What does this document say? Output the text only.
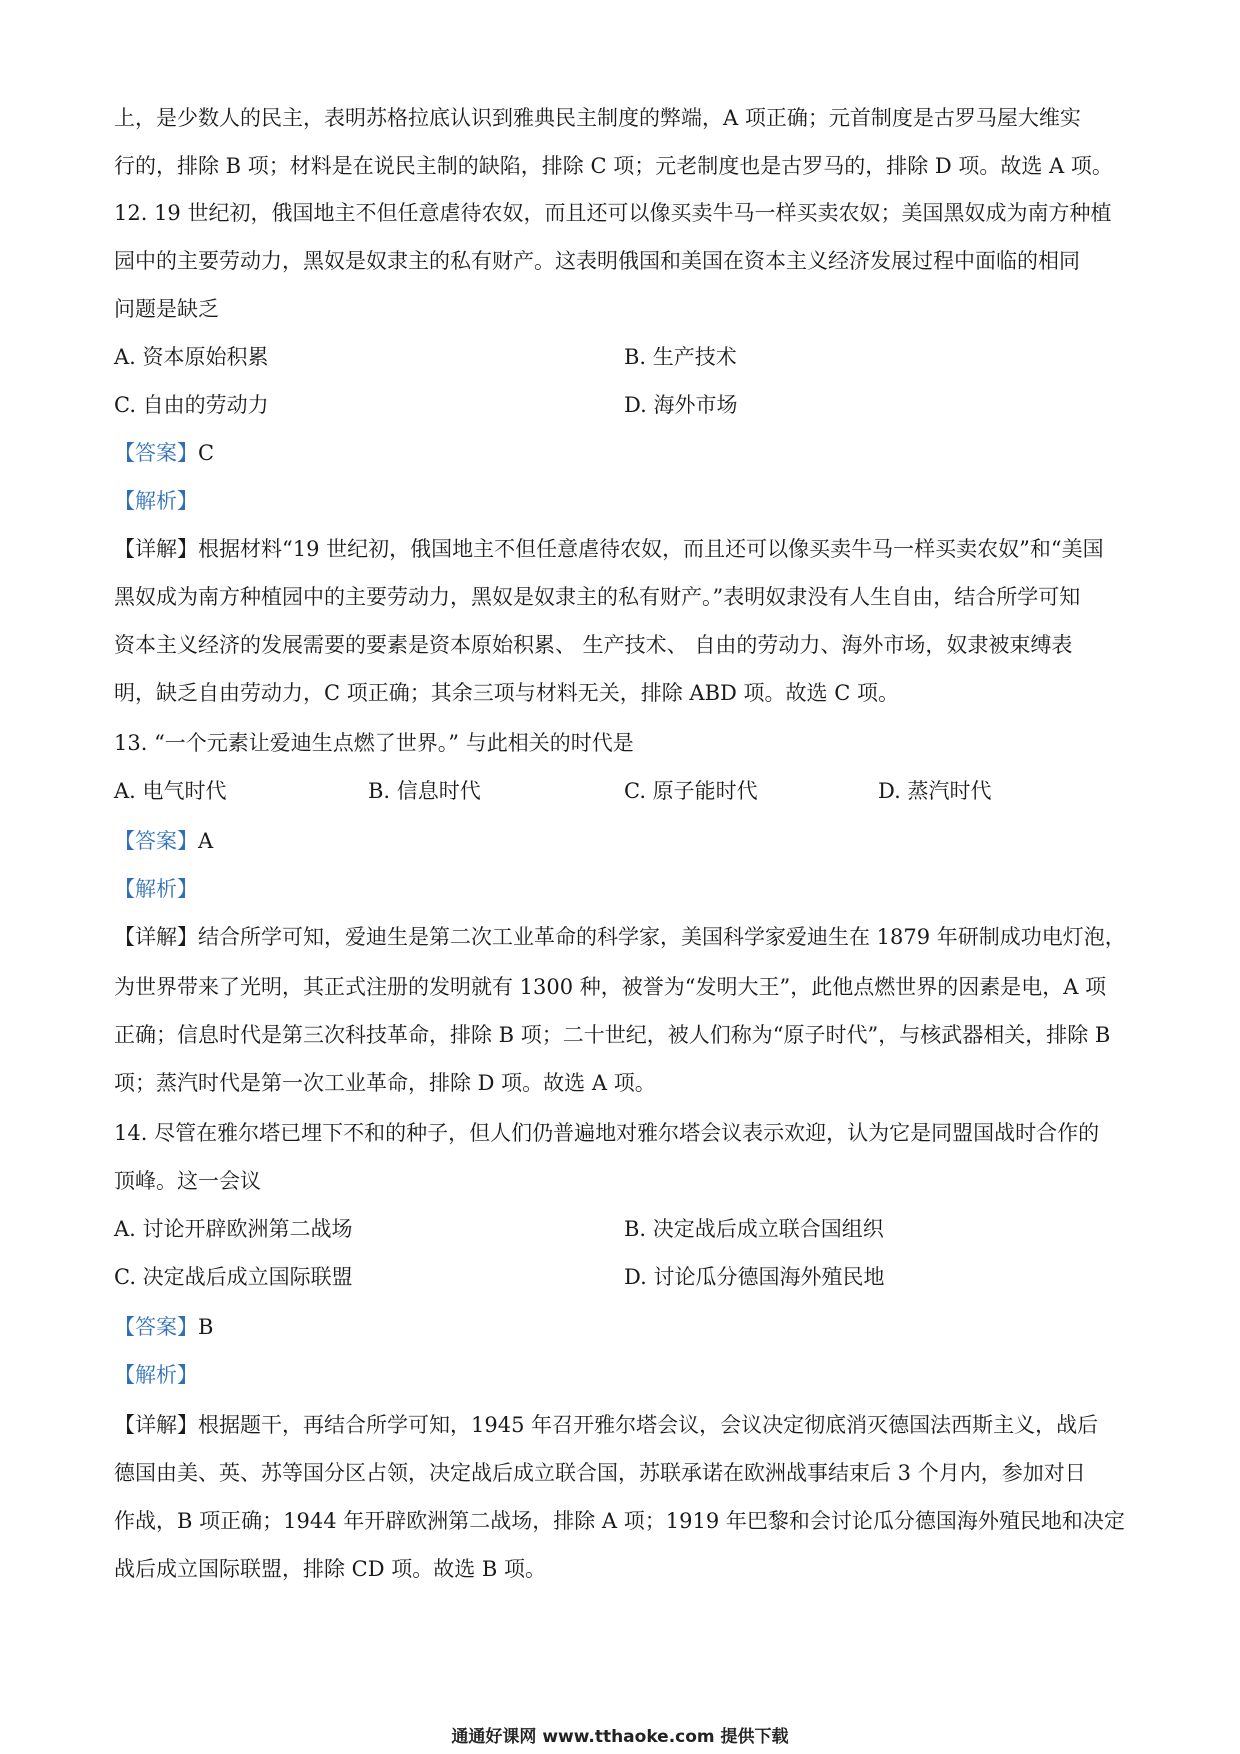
上，是少数人的民主，表明苏格拉底认识到雅典民主制度的弊端，A 项正确；元首制度是古罗马屋大维实
行的，排除 B 项；材料是在说民主制的缺陷，排除 C 项；元老制度也是古罗马的，排除 D 项。故选 A 项。
12. 19 世纪初，俄国地主不但任意虐待农奴，而且还可以像买卖牛马一样买卖农奴；美国黑奴成为南方种植
园中的主要劳动力，黑奴是奴隶主的私有财产。这表明俄国和美国在资本主义经济发展过程中面临的相同
问题是缺乏
A. 资本原始积累	B. 生产技术
C. 自由的劳动力	D. 海外市场
【答案】C
【解析】
【详解】根据材料“19 世纪初，俄国地主不但任意虐待农奴，而且还可以像买卖牛马一样买卖农奴”和“美国
黑奴成为南方种植园中的主要劳动力，黑奴是奴隶主的私有财产。”表明奴隶没有人生自由，结合所学可知
资本主义经济的发展需要的要素是资本原始积累、 生产技术、 自由的劳动力、海外市场，奴隶被束缚表
明，缺乏自由劳动力，C 项正确；其余三项与材料无关，排除 ABD 项。故选 C 项。
13. “一个元素让爱迪生点燃了世界。” 与此相关的时代是
A. 电气时代	B. 信息时代	C. 原子能时代	D. 蒸汽时代
【答案】A
【解析】
【详解】结合所学可知，爱迪生是第二次工业革命的科学家，美国科学家爱迪生在 1879 年研制成功电灯泡，
为世界带来了光明，其正式注册的发明就有 1300 种，被誉为“发明大王”，此他点燃世界的因素是电，A 项
正确；信息时代是第三次科技革命，排除 B 项；二十世纪，被人们称为“原子时代”，与核武器相关，排除 B
项；蒸汽时代是第一次工业革命，排除 D 项。故选 A 项。
14. 尽管在雅尔塔已埋下不和的种子，但人们仍普遍地对雅尔塔会议表示欢迎，认为它是同盟国战时合作的
顶峰。这一会议
A. 讨论开辟欧洲第二战场	B. 决定战后成立联合国组织
C. 决定战后成立国际联盟	D. 讨论瓜分德国海外殖民地
【答案】B
【解析】
【详解】根据题干，再结合所学可知，1945 年召开雅尔塔会议，会议决定彻底消灭德国法西斯主义，战后
德国由美、英、苏等国分区占领，决定战后成立联合国，苏联承诺在欧洲战事结束后 3 个月内，参加对日
作战，B 项正确；1944 年开辟欧洲第二战场，排除 A 项；1919 年巴黎和会讨论瓜分德国海外殖民地和决定
战后成立国际联盟，排除 CD 项。故选 B 项。
通通好课网 www.tthaoke.com 提供下载
